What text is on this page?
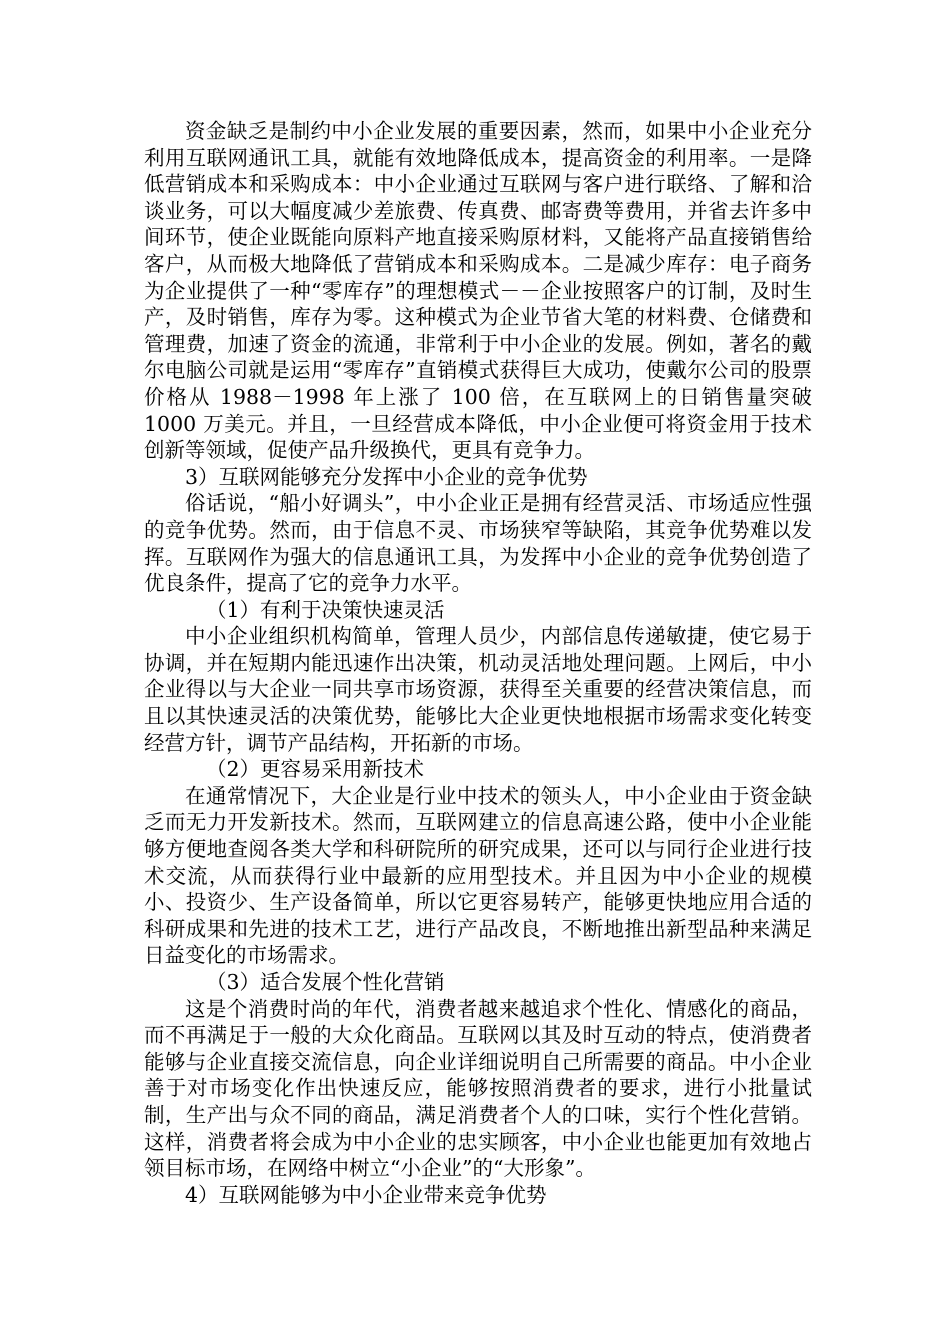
资金缺乏是制约中小企业发展的重要因素，然而，如果中小企业充分利用互联网通讯工具，就能有效地降低成本，提高资金的利用率。一是降低营销成本和采购成本：中小企业通过互联网与客户进行联络、了解和洽谈业务，可以大幅度减少差旅费、传真费、邮寄费等费用，并省去许多中间环节，使企业既能向原料产地直接采购原材料，又能将产品直接销售给客户，从而极大地降低了营销成本和采购成本。二是减少库存：电子商务为企业提供了一种“零库存”的理想模式－－企业按照客户的订制，及时生产，及时销售，库存为零。这种模式为企业节省大笔的材料费、仓储费和管理费，加速了资金的流通，非常利于中小企业的发展。例如，著名的戴尔电脑公司就是运用“零库存”直销模式获得巨大成功，使戴尔公司的股票价格从 1988－1998 年上涨了 100 倍，在互联网上的日销售量突破 1000 万美元。并且，一旦经营成本降低，中小企业便可将资金用于技术创新等领域，促使产品升级换代，更具有竞争力。

3）互联网能够充分发挥中小企业的竞争优势

俗话说，“船小好调头”，中小企业正是拥有经营灵活、市场适应性强的竞争优势。然而，由于信息不灵、市场狭窄等缺陷，其竞争优势难以发挥。互联网作为强大的信息通讯工具，为发挥中小企业的竞争优势创造了优良条件，提高了它的竞争力水平。

（1）有利于决策快速灵活

中小企业组织机构简单，管理人员少，内部信息传递敏捷，使它易于协调，并在短期内能迅速作出决策，机动灵活地处理问题。上网后，中小企业得以与大企业一同共享市场资源，获得至关重要的经营决策信息，而且以其快速灵活的决策优势，能够比大企业更快地根据市场需求变化转变经营方针，调节产品结构，开拓新的市场。

（2）更容易采用新技术

在通常情况下，大企业是行业中技术的领头人，中小企业由于资金缺乏而无力开发新技术。然而，互联网建立的信息高速公路，使中小企业能够方便地查阅各类大学和科研院所的研究成果，还可以与同行企业进行技术交流，从而获得行业中最新的应用型技术。并且因为中小企业的规模小、投资少、生产设备简单，所以它更容易转产，能够更快地应用合适的科研成果和先进的技术工艺，进行产品改良，不断地推出新型品种来满足日益变化的市场需求。

（3）适合发展个性化营销

这是个消费时尚的年代，消费者越来越追求个性化、情感化的商品，而不再满足于一般的大众化商品。互联网以其及时互动的特点，使消费者能够与企业直接交流信息，向企业详细说明自己所需要的商品。中小企业善于对市场变化作出快速反应，能够按照消费者的要求，进行小批量试制，生产出与众不同的商品，满足消费者个人的口味，实行个性化营销。这样，消费者将会成为中小企业的忠实顾客，中小企业也能更加有效地占领目标市场，在网络中树立“小企业”的“大形象”。

4）互联网能够为中小企业带来竞争优势
